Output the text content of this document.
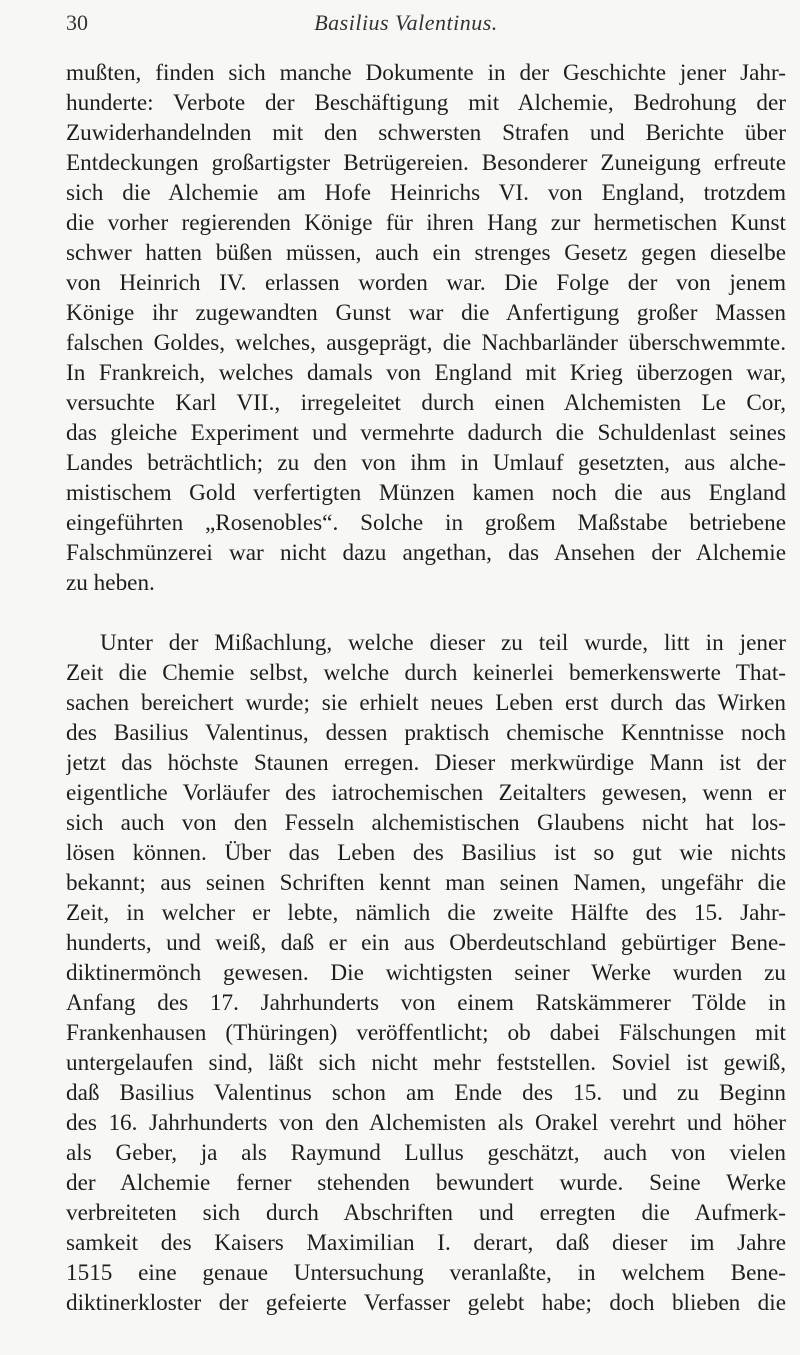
30	Basilius Valentinus.
mußten, finden sich manche Dokumente in der Geschichte jener Jahr-
hunderte: Verbote der Beschäftigung mit Alchemie, Bedrohung der
Zuwiderhandelnden mit den schwersten Strafen und Berichte über
Entdeckungen großartigster Betrügereien. Besonderer Zuneigung erfreute
sich die Alchemie am Hofe Heinrichs VI. von England, trotzdem
die vorher regierenden Könige für ihren Hang zur hermetischen Kunst
schwer hatten büßen müssen, auch ein strenges Gesetz gegen dieselbe
von Heinrich IV. erlassen worden war. Die Folge der von jenem
Könige ihr zugewandten Gunst war die Anfertigung großer Massen
falschen Goldes, welches, ausgeprägt, die Nachbarländer überschwemmte.
In Frankreich, welches damals von England mit Krieg überzogen war,
versuchte Karl VII., irregeleitet durch einen Alchemisten Le Cor,
das gleiche Experiment und vermehrte dadurch die Schuldenlast seines
Landes beträchtlich; zu den von ihm in Umlauf gesetzten, aus alche-
mistischem Gold verfertigten Münzen kamen noch die aus England
eingeführten „Rosenobles“. Solche in großem Maßstabe betriebene
Falschmünzerei war nicht dazu angethan, das Ansehen der Alchemie
zu heben.
Unter der Mißachlung, welche dieser zu teil wurde, litt in jener
Zeit die Chemie selbst, welche durch keinerlei bemerkenswerte That-
sachen bereichert wurde; sie erhielt neues Leben erst durch das Wirken
des Basilius Valentinus, dessen praktisch chemische Kenntnisse noch
jetzt das höchste Staunen erregen. Dieser merkwürdige Mann ist der
eigentliche Vorläufer des iatrochemischen Zeitalters gewesen, wenn er
sich auch von den Fesseln alchemistischen Glaubens nicht hat los-
lösen können. Über das Leben des Basilius ist so gut wie nichts
bekannt; aus seinen Schriften kennt man seinen Namen, ungefähr die
Zeit, in welcher er lebte, nämlich die zweite Hälfte des 15. Jahr-
hunderts, und weiß, daß er ein aus Oberdeutschland gebürtiger Bene-
diktinermönch gewesen. Die wichtigsten seiner Werke wurden zu
Anfang des 17. Jahrhunderts von einem Ratskämmerer Tölde in
Frankenhausen (Thüringen) veröffentlicht; ob dabei Fälschungen mit
untergelaufen sind, läßt sich nicht mehr feststellen. Soviel ist gewiß,
daß Basilius Valentinus schon am Ende des 15. und zu Beginn
des 16. Jahrhunderts von den Alchemisten als Orakel verehrt und höher
als Geber, ja als Raymund Lullus geschätzt, auch von vielen
der Alchemie ferner stehenden bewundert wurde. Seine Werke
verbreiteten sich durch Abschriften und erregten die Aufmerk-
samkeit des Kaisers Maximilian I. derart, daß dieser im Jahre
1515 eine genaue Untersuchung veranlaßte, in welchem Bene-
diktinerkloster der gefeierte Verfasser gelebt habe; doch blieben die
